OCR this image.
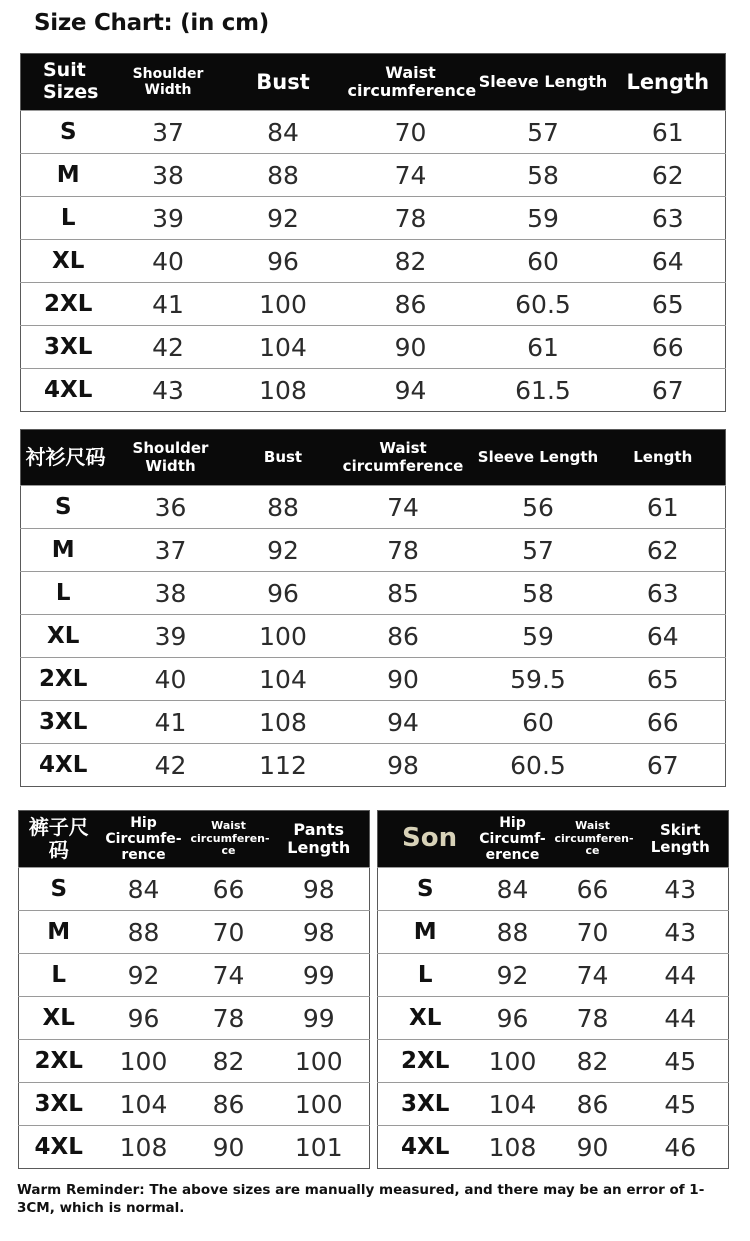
Size Chart: (in cm)
Suit Sizes	Shoulder Width	Bust	Waist circumference	Sleeve Length	Length
S	37	84	70	57	61
M	38	88	74	58	62
L	39	92	78	59	63
XL	40	96	82	60	64
2XL	41	100	86	60.5	65
3XL	42	104	90	61	66
4XL	43	108	94	61.5	67
衬衫尺码	Shoulder Width	Bust	Waist circumference	Sleeve Length	Length
S	36	88	74	56	61
M	37	92	78	57	62
L	38	96	85	58	63
XL	39	100	86	59	64
2XL	40	104	90	59.5	65
3XL	41	108	94	60	66
4XL	42	112	98	60.5	67
裤子尺码	Hip Circumfe-rence	Waist circumferen-ce	Pants Length
S	84	66	98
M	88	70	98
L	92	74	99
XL	96	78	99
2XL	100	82	100
3XL	104	86	100
4XL	108	90	101
Son	Hip Circumf-erence	Waist circumferen-ce	Skirt Length
S	84	66	43
M	88	70	43
L	92	74	44
XL	96	78	44
2XL	100	82	45
3XL	104	86	45
4XL	108	90	46
Warm Reminder: The above sizes are manually measured, and there may be an error of 1-3CM, which is normal.
